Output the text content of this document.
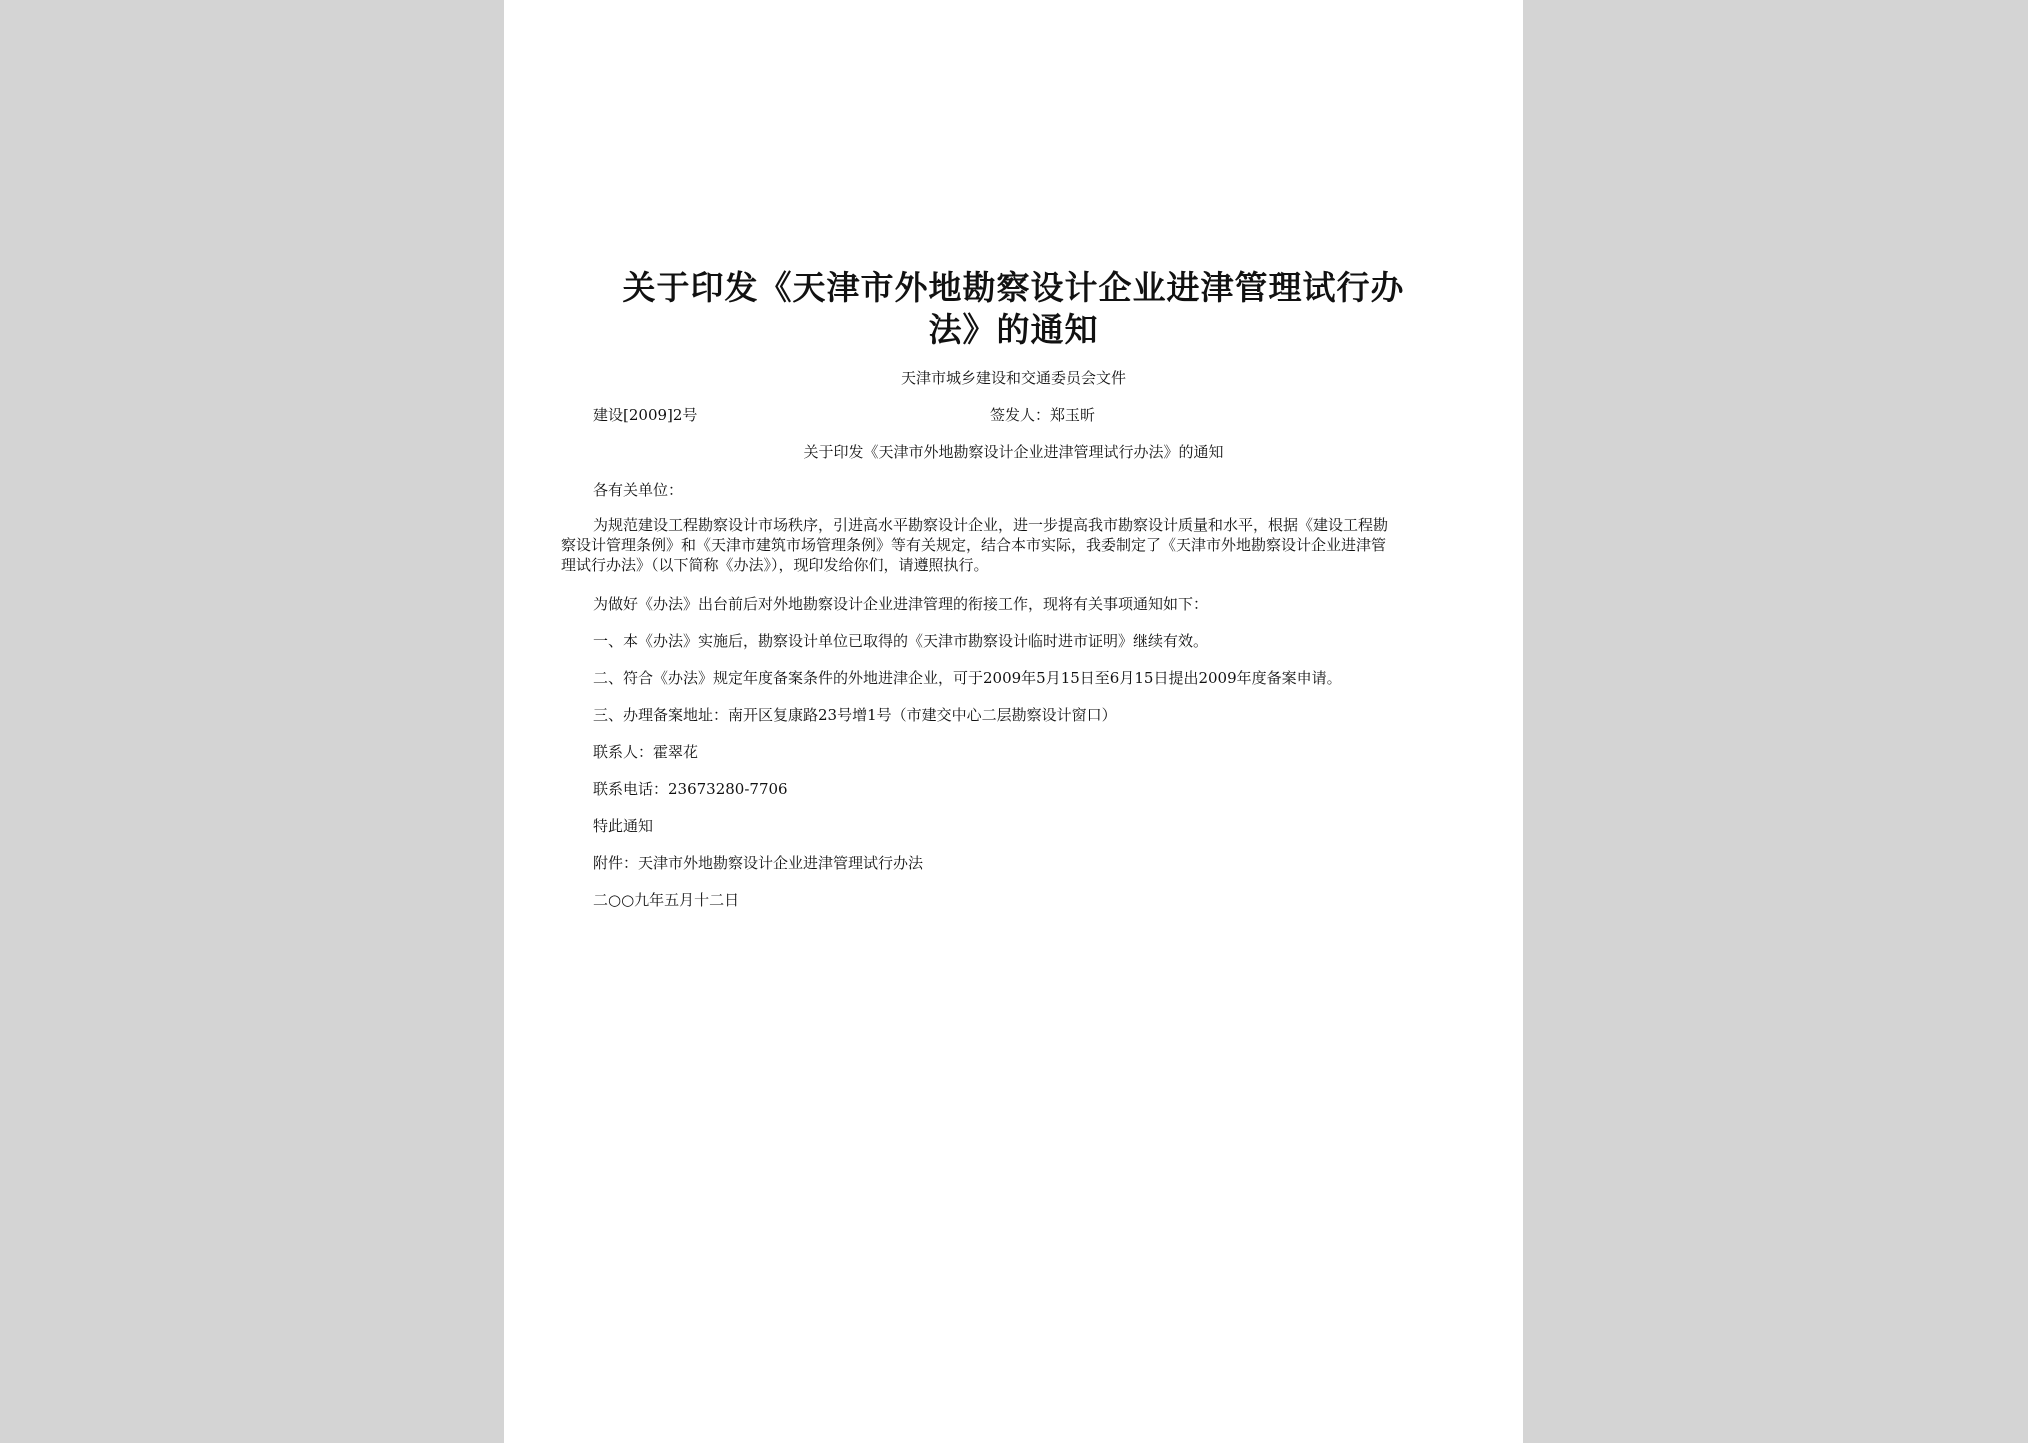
关于印发《天津市外地勘察设计企业进津管理试行办
法》的通知
天津市城乡建设和交通委员会文件
建设[2009]2号	签发人：郑玉昕
关于印发《天津市外地勘察设计企业进津管理试行办法》的通知
各有关单位：
为规范建设工程勘察设计市场秩序，引进高水平勘察设计企业，进一步提高我市勘察设计质量和水平，根据《建设工程勘
察设计管理条例》和《天津市建筑市场管理条例》等有关规定，结合本市实际，我委制定了《天津市外地勘察设计企业进津管
理试行办法》（以下简称《办法》），现印发给你们，请遵照执行。
为做好《办法》出台前后对外地勘察设计企业进津管理的衔接工作，现将有关事项通知如下：
一、本《办法》实施后，勘察设计单位已取得的《天津市勘察设计临时进市证明》继续有效。
二、符合《办法》规定年度备案条件的外地进津企业，可于2009年5月15日至6月15日提出2009年度备案申请。
三、办理备案地址：南开区复康路23号增1号（市建交中心二层勘察设计窗口）
联系人：霍翠花
联系电话：23673280-7706
特此通知
附件：天津市外地勘察设计企业进津管理试行办法
二○○九年五月十二日
